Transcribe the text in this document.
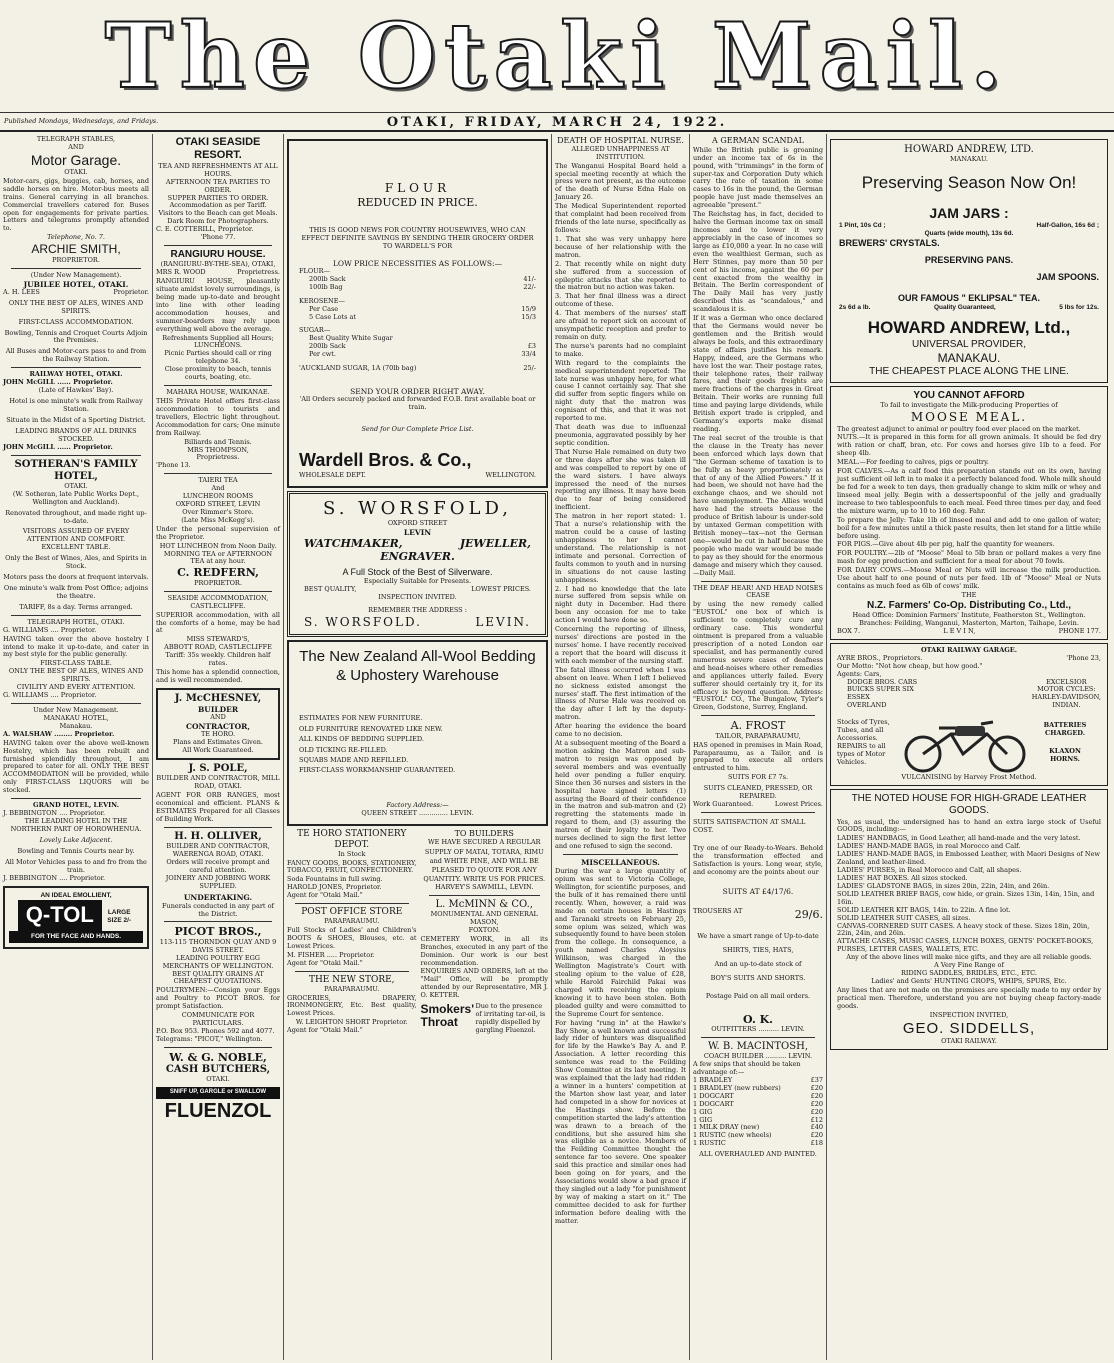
The Otaki Mail.
Published Mondays, Wednesdays, and Fridays.	OTAKI, FRIDAY, MARCH 24, 1922.
TELEGRAPH STABLES,
AND
Motor Garage.
OTAKI.
Motor-cars, gigs, buggies, cab, horses, and saddle horses on hire. Motor-bus meets all trains. General carrying in all branches. Commercial travellers catered for. Buses open for engagements for private parties. Letters and telegrams promptly attended to.
Telephone, No. 7.
ARCHIE SMITH,
PROPRIETOR.
(Under New Management).
JUBILEE HOTEL, OTAKI.
A. H. LEES	Proprietor.
ONLY THE BEST OF ALES, WINES AND SPIRITS.
FIRST-CLASS ACCOMMODATION.
Bowling, Tennis and Croquet Courts Adjoin the Premises.
All Buses and Motor-cars pass to and from the Railway Station.
RAILWAY HOTEL, OTAKI.
JOHN McGILL ...... Proprietor.
(Late of Hawkes' Bay).
Hotel is one minute's walk from Railway Station.
Situate in the Midst of a Sporting District.
LEADING BRANDS OF ALL DRINKS STOCKED.
JOHN McGILL ...... Proprietor.
SOTHERAN'S FAMILY HOTEL,
OTAKI.
(W. Sotheran, late Public Works Dept., Wellington and Auckland).
Renovated throughout, and made right up-to-date.
VISITORS ASSURED OF EVERY ATTENTION AND COMFORT.
EXCELLENT TABLE.
Only the Best of Wines, Ales, and Spirits in Stock.
Motors pass the doors at frequent intervals.
One minute's walk from Post Office; adjoins the theatre.
TARIFF, 8s a day. Terms arranged.
TELEGRAPH HOTEL, OTAKI.
G. WILLIAMS .... Proprietor.
HAVING taken over the above hostelry I intend to make it up-to-date, and cater in my best style for the public generally.
FIRST-CLASS TABLE.
ONLY THE BEST OF ALES, WINES AND SPIRITS.
CIVILITY AND EVERY ATTENTION.
G. WILLIAMS .... Proprietor.
Under New Management.
MANAKAU HOTEL,
Manakau.
A. WALSHAW ........ Proprietor.
HAVING taken over the above well-known Hostelry, which has been rebuilt and furnished splendidly throughout, I am prepared to cater for all. ONLY THE BEST ACCOMMODATION will be provided, while only FIRST-CLASS LIQUORS will be stocked.
GRAND HOTEL, LEVIN.
J. BEBBINGTON .... Proprietor.
THE LEADING HOTEL IN THE NORTHERN PART OF HOROWHENUA.
Lovely Lake Adjacent.
Bowling and Tennis Courts near by.
All Motor Vehicles pass to and fro from the train.
J. BEBBINGTON .... Proprietor.
AN IDEAL EMOLLIENT,
Q-TOL LARGE SIZE 2/-
FOR THE FACE AND HANDS.
OTAKI SEASIDE RESORT.
TEA AND REFRESHMENTS AT ALL HOURS.
AFTERNOON TEA PARTIES TO ORDER.
SUPPER PARTIES TO ORDER.
Accommodation as per Tariff.
Visitors to the Beach can get Meals.
Dark Room for Photographers.
C. E. COTTERILL, Proprietor.
'Phone 77.
RANGIURU HOUSE.
(RANGIURU-BY-THE-SEA), OTAKI,
MRS R. WOOD	Proprietress.
RANGIURU HOUSE, pleasantly situate amidst lovely surroundings, is being made up-to-date and brought into line with other leading accommodation houses, and summer-boarders may rely upon everything well above the average.
Refreshments Supplied all Hours; LUNCHEONS.
Picnic Parties should call or ring telephone 34.
Close proximity to beach, tennis courts, boating, etc.
MAHARA HOUSE, WAIKANAE.
THIS Private Hotel offers first-class accommodation to tourists and travellers, Electric light throughout. Accommodation for cars; One minute from Railway.
Billiards and Tennis.
MRS THOMPSON,
Proprietress.
'Phone 13.
TAIERI TEA
And
LUNCHEON ROOMS
OXFORD STREET, LEVIN
Over Rimmer's Store.
(Late Miss McKegg's).
Under the personal supervision of the Proprietor.
HOT LUNCHEON from Noon Daily. MORNING TEA or AFTERNOON TEA at any hour.
C. REDFERN,
PROPRIETOR.
SEASIDE ACCOMMODATION, CASTLECLIFFE.
SUPERIOR accommodation, with all the comforts of a home, may be had at
MISS STEWARD'S,
ABBOTT ROAD, CASTLECLIFFE
Tariff: 35s weekly. Children half rates.
This home has a splendid connection, and is well recommended.
J. McCHESNEY,
BUILDER
AND
CONTRACTOR,
TE HORO.
Plans and Estimates Given.
All Work Guaranteed.
J. S. POLE,
BUILDER AND CONTRACTOR, MILL ROAD, OTAKI.
AGENT FOR ORB RANGES, most economical and efficient. PLANS & ESTIMATES Prepared for all Classes of Building Work.
H. H. OLLIVER,
BUILDER AND CONTRACTOR, WAERENGA ROAD, OTAKI.
Orders will receive prompt and careful attention.
JOINERY AND JOBBING WORK SUPPLIED.
UNDERTAKING.
Funerals conducted in any part of the District.
PICOT BROS.,
113-115 THORNDON QUAY AND 9 DAVIS STREET.
LEADING POULTRY EGG MERCHANTS OF WELLINGTON.
BEST QUALITY GRAINS AT CHEAPEST QUOTATIONS.
POULTRYMEN:—Consign your Eggs and Poultry to PICOT BROS. for prompt Satisfaction.
COMMUNICATE FOR PARTICULARS.
P.O. Box 953. Phones 592 and 4077.
Telegrams: "PICOT," Wellington.
W. & G. NOBLE,
CASH BUTCHERS,
OTAKI.
SNIFF UP, GARGLE or SWALLOW
FLUENZOL
FLOUR
REDUCED IN PRICE.
THIS IS GOOD NEWS FOR COUNTRY HOUSEWIVES, WHO CAN EFFECT DEFINITE SAVINGS BY SENDING THEIR GROCERY ORDER TO WARDELL'S FOR
LOW PRICE NECESSITIES AS FOLLOWS:—
FLOUR—
200lb Sack	41/-
100lb Bag	22/-
KEROSENE—
Per Case	15/9
5 Case Lots at	15/3
SUGAR—
Best Quality White Sugar
200lb Sack	£3
Per cwt.	33/4
'AUCKLAND SUGAR, 1A (70lb bag)	25/-
SEND YOUR ORDER RIGHT AWAY.
'All Orders securely packed and forwarded F.O.B. first available boat or train.
Send for Our Complete Price List.
Wardell Bros. & Co.,
WHOLESALE DEPT.	WELLINGTON.
S. WORSFOLD,
OXFORD STREET
LEVIN
WATCHMAKER,	JEWELLER,
ENGRAVER.
A Full Stock of the Best of Silverware.
Especially Suitable for Presents.
BEST QUALITY,	LOWEST PRICES.
INSPECTION INVITED.
REMEMBER THE ADDRESS :
S. WORSFOLD.	LEVIN.
The New Zealand All-Wool Bedding & Uphostery Warehouse
ESTIMATES FOR NEW FURNITURE.
OLD FURNITURE RENOVATED LIKE NEW.
ALL KINDS OF BEDDING SUPPLIED.
OLD TICKING RE-FILLED.
SQUABS MADE AND REFILLED.
FIRST-CLASS WORKMANSHIP GUARANTEED.
Factory Address:—
QUEEN STREET .............. LEVIN.
TE HORO STATIONERY DEPOT.
In Stock
FANCY GOODS, BOOKS, STATIONERY, TOBACCO, FRUIT, CONFECTIONERY.
Soda Fountains in full swing.
HAROLD JONES, Proprietor.
Agent for "Otaki Mail."
POST OFFICE STORE
PARAPARAUMU.
Full Stocks of Ladies' and Children's BOOTS & SHOES, Blouses, etc. at Lowest Prices.
M. FISHER ..... Proprietor.
Agent for "Otaki Mail."
THE NEW STORE,
PARAPARAUMU.
GROCERIES, DRAPERY, IRONMONGERY, Etc. Best quality, Lowest Prices.
W. LEIGHTON SHORT Proprietor.
Agent for "Otaki Mail."
TO BUILDERS
WE HAVE SECURED A REGULAR SUPPLY OF MATAI, TOTARA, RIMU and WHITE PINE, AND WILL BE PLEASED TO QUOTE FOR ANY QUANTITY. WRITE US FOR PRICES.
HARVEY'S SAWMILL, LEVIN.
L. McMINN & CO.,
MONUMENTAL AND GENERAL MASON,
FOXTON.
CEMETERY WORK, in all its Branches, executed in any part of the Dominion. Our work is our best recommendation.
ENQUIRIES AND ORDERS, left at the "Mail" Office, will be promptly attended by our Representative, MR J. O. KETTER.
Smokers' Throat
Due to the presence of irritating tar-oil, is rapidly dispelled by gargling Fluenzol.
DEATH OF HOSPITAL NURSE.
ALLEGED UNHAPPINESS AT INSTITUTION.
The Wanganui Hospital Board held a special meeting recently at which the press were not present, as the outcome of the death of Nurse Edna Hale on January 26.
The Medical Superintendent reported that complaint had been received from friends of the late nurse, specifically as follows:
1. That she was very unhappy here because of her relationship with the matron.
2. That recently while on night duty she suffered from a succession of epileptic attacks that she reported to the matron but no action was taken.
3. That her final illness was a direct outcome of these.
4. That members of the nurses' staff are afraid to report sick on account of unsympathetic reception and prefer to remain on duty.
The nurse's parents had no complaint to make.
With regard to the complaints the medical superintendent reported: The late nurse was unhappy here, for what cause I cannot certainly say. That she did suffer from septic fingers while on night duty that the matron was cognisant of this, and that it was not reported to me.
That death was due to influenzal pneumonia, aggravated possibly by her septic condition.
That Nurse Hale remained on duty two or three days after she was taken ill and was compelled to report by one of the ward sisters. I have always impressed the need of the nurses reporting any illness. It may have been due to fear of being considered inefficient.
The matron in her report stated: 1. That a nurse's relationship with the matron could be a cause of lasting unhappiness to her I cannot understand. The relationship is not intimate and personal. Correction of faults common to youth and in nursing in situations do not cause lasting unhappiness.
2. I had no knowledge that the late nurse suffered from sepsis while on night duty in December. Had there been any occasion for me to take action I would have done so.
Concerning the reporting of illness, nurses' directions are posted in the nurses' home. I have recently received a report that the board will discuss it with each member of the nursing staff.
The fatal illness occurred when I was absent on leave. When I left I believed no sickness existed amongst the nurses' staff. The first intimation of the illness of Nurse Hale was received on the day after I left by the deputy-matron.
After hearing the evidence the board came to no decision.
At a subsequent meeting of the Board a motion asking the Matron and sub-matron to resign was opposed by several members and was eventually held over pending a fuller enquiry. Since then 36 nurses and sisters in the hospital have signed letters (1) assuring the Board of their confidence in the matron and sub-matron and (2) regretting the statements made in regard to them, and (3) assuring the matron of their loyalty to her. Two nurses declined to sign the first letter and one refused to sign the second.
MISCELLANEOUS.
During the war a large quantity of opium was sent to Victoria College, Wellington, for scientific purposes, and the bulk of it has remained there until recently. When, however, a raid was made on certain houses in Hastings and Taranaki streets on February 25, some opium was seized, which was subsequently found to have been stolen from the college. In consequence, a youth named Charles Aloysius Wilkinson, was charged in the Wellington Magistrate's Court with stealing opium to the value of £28, while Harold Fairchild Pakai was charged with receiving the opium knowing it to have been stolen. Both pleaded guilty and were committed to the Supreme Court for sentence.
For having "rung in" at the Hawke's Bay Show, a well known and successful lady rider of hunters was disqualified for life by the Hawke's Bay A. and P. Association. A letter recording this sentence was read to the Feilding Show Committee at its last meeting. It was explained that the lady had ridden a winner in a hunters' competition at the Marton show last year, and later had competed in a show for novices at the Hastings show. Before the competition started the lady's attention was drawn to a breach of the conditions, but she assured him she was eligible as a novice. Members of the Feilding Committee thought the sentence far too severe. One speaker said this practice and similar ones had been going on for years, and the Associations would show a bad grace if they singled out a lady "for punishment by way of making a start on it." The committee decided to ask for further information before dealing with the matter.
A GERMAN SCANDAL
While the British public is groaning under an income tax of 6s in the pound, with "trimmings" in the form of super-tax and Corporation Duty which carry the rate of taxation in some cases to 16s in the pound, the German people have just made themselves an agreeable "present."
The Reichstag has, in fact, decided to halve the German income tax on small incomes and to lower it very appreciably in the case of incomes so large as £10,000 a year. In no case will even the wealthiest German, such as Herr Stinnes, pay more than 50 per cent of his income, against the 60 per cent exacted from the wealthy in Britain. The Berlin correspondent of The Daily Mail has very justly described this as "scandalous," and scandalous it is.
If it was a German who once declared that the Germans would never be gentlemen and the British would always be fools, and this extraordinary state of affairs justifies his remark. Happy, indeed, are the Germans who have lost the war. Their postage rates, their telephone rates, their railway fares, and their goods freights are mere fractions of the charges in Great Britain. Their works are running full time and paying large dividends, while British export trade is crippled, and Germany's exports make dismal reading.
The real secret of the trouble is that the clause in the Treaty has never been enforced which lays down that "the German scheme of taxation is to be fully as heavy proportionately as that of any of the Allied Powers." If it had been, we should not have had the exchange chaos, and we should not have unemployment. The Allies would have had the streets because the produce of British labour is under-sold by untaxed German competition with British money—tax—not the German one—would be cut in half because the people who made war would be made to pay as they should for the enormous damage and misery which they caused.—Daily Mail.
THE DEAF HEAR! AND HEAD NOISES CEASE
by using the new remedy called "EUSTOL" one box of which is sufficient to completely cure any ordinary case. This wonderful ointment is prepared from a valuable prescription of a noted London ear specialist, and has permanently cured numerous severe cases of deafness and head-noises where other remedies and appliances utterly failed. Every sufferer should certainly try it, for its efficacy is beyond question. Address: "EUSTOL" CO., The Bungalow, Tyler's Green, Godstone, Surrey, England.
A. FROST
TAILOR, PARAPARAUMU,
HAS opened in premises in Main Road, Paraparaumu, as a Tailor, and is prepared to execute all orders entrusted to him.
SUITS FOR £7 7s.
SUITS CLEANED, PRESSED, OR REPAIRED.
Work Guaranteed.	Lowest Prices.
SUITS SATISFACTION AT SMALL COST.
Try one of our Ready-to-Wears. Behold the transformation effected and Satisfaction is yours. Long wear, style, and economy are the points about our
SUITS AT £4/17/6.
TROUSERS AT	29/6.
We have a smart range of Up-to-date
SHIRTS, TIES, HATS,
And an up-to-date stock of
BOY'S SUITS AND SHORTS.
Postage Paid on all mail orders.
O. K.
OUTFITTERS .......... LEVIN.
W. B. MACINTOSH,
COACH BUILDER .......... LEVIN.
A few snips that should be taken advantage of:—
1 BRADLEY	£37
1 BRADLEY (new rubbers)	£20
1 DOGCART	£20
1 DOGCART	£20
1 GIG	£20
1 GIG	£12
1 MILK DRAY (new)	£40
1 RUSTIC (new wheels)	£20
1 RUSTIC	£18
ALL OVERHAULED AND PAINTED.
HOWARD ANDREW, LTD.
MANAKAU.
Preserving Season Now On!
JAM JARS :
1 Pint, 10s Cd ;	Half-Gallon, 16s 6d ;
Quarts (wide mouth), 13s 6d.
BREWERS' CRYSTALS.
PRESERVING PANS.
JAM SPOONS.
OUR FAMOUS " EKLIPSAL" TEA.
2s 6d a lb.	Quality Guaranteed,	5 lbs for 12s.
HOWARD ANDREW, Ltd.,
UNIVERSAL PROVIDER,
MANAKAU.
THE CHEAPEST PLACE ALONG THE LINE.
YOU CANNOT AFFORD
To fail to investigate the Milk-producing Properties of
MOOSE MEAL.
The greatest adjunct to animal or poultry food ever placed on the market.
NUTS.—It is prepared in this form for all grown animals. It should be fed dry with ration or chaff, bran, etc. For cows and horses give 1lb to a feed. For sheep 4lb.
MEAL.—For feeding to calves, pigs or poultry.
FOR CALVES.—As a calf food this preparation stands out on its own, having just sufficient oil left in to make it a perfectly balanced food. Whole milk should be fed for a week to ten days, then gradually change to skim milk or whey and linseed meal jelly. Begin with a dessertspoonful of the jelly and gradually increase to two tablespoonfuls to each meal. Feed three times per day, and feed the mixture warm, up to 10 to 160 deg. Fahr.
To prepare the Jelly: Take 1lb of linseed meal and add to one gallon of water; boil for a few minutes until a thick paste results, then let stand for a little while before using.
FOR PIGS.—Give about 4lb per pig, half the quantity for weaners.
FOR POULTRY.—2lb of "Moose" Meal to 5lb bran or pollard makes a very fine mash for egg production and sufficient for a meal for about 70 fowls.
FOR DAIRY COWS.—Moose Meal or Nuts will increase the milk production. Use about half to one pound of nuts per feed. 1lb of "Moose" Meal or Nuts contains as much feed as 6lb of cows' milk.
THE
N.Z. Farmers' Co-Op. Distributing Co., Ltd.,
Head Office: Dominion Farmers' Institute, Featherston St., Wellington. Branches: Feilding, Wanganui, Masterton, Marton, Taihape, Levin.
BOX 7.	L E V I N,	PHONE 177.
OTAKI RAILWAY GARAGE.
AYRE BROS., Proprietors.	'Phone 23,
Our Motto: "Not how cheap, but how good."
Agents: Cars,
DODGE BROS. CARS
BUICKS SUPER SIX
ESSEX
OVERLAND
EXCELSIOR
MOTOR CYCLES:
HARLEY-DAVIDSON,
INDIAN.
Stocks of Tyres, Tubes, and all Accessories.
REPAIRS to all types of Motor Vehicles.
BATTERIES CHARGED.
KLAXON HORNS.
VULCANISING by Harvey Frost Method.
THE NOTED HOUSE FOR HIGH-GRADE LEATHER GOODS.
Yes, as usual, the undersigned has to hand an extra large stock of Useful GOODS, including:—
LADIES' HANDBAGS, in Good Leather, all hand-made and the very latest.
LADIES' HAND-MADE BAGS, in real Morocco and Calf.
LADIES' HAND-MADE BAGS, in Embossed Leather, with Maori Designs of New Zealand, and leather-lined.
LADIES' PURSES, in Real Morocco and Calf, all shapes.
LADIES' HAT BOXES. All sizes stocked.
LADIES' GLADSTONE BAGS, in sizes 20in, 22in, 24in, and 26in.
SOLID LEATHER BRIEF BAGS, cow hide, or grain. Sizes 13in, 14in, 15in, and 16in.
SOLID LEATHER KIT BAGS, 14in. to 22in. A fine lot.
SOLID LEATHER SUIT CASES, all sizes.
CANVAS-CORNERED SUIT CASES. A heavy stock of these. Sizes 18in, 20in, 22in, 24in, and 26in.
ATTACHE CASES, MUSIC CASES, LUNCH BOXES, GENTS' POCKET-BOOKS, PURSES, LETTER CASES, WALLETS, ETC.
Any of the above lines will make nice gifts, and they are all reliable goods.
A Very Fine Range of
RIDING SADDLES, BRIDLES, ETC., ETC.
Ladies' and Gents' HUNTING CROPS, WHIPS, SPURS, Etc.
Any lines that are not made on the premises are specially made to my order by practical men. Therefore, understand you are not buying cheap factory-made goods.
INSPECTION INVITED,
GEO. SIDDELLS,
OTAKI RAILWAY.
